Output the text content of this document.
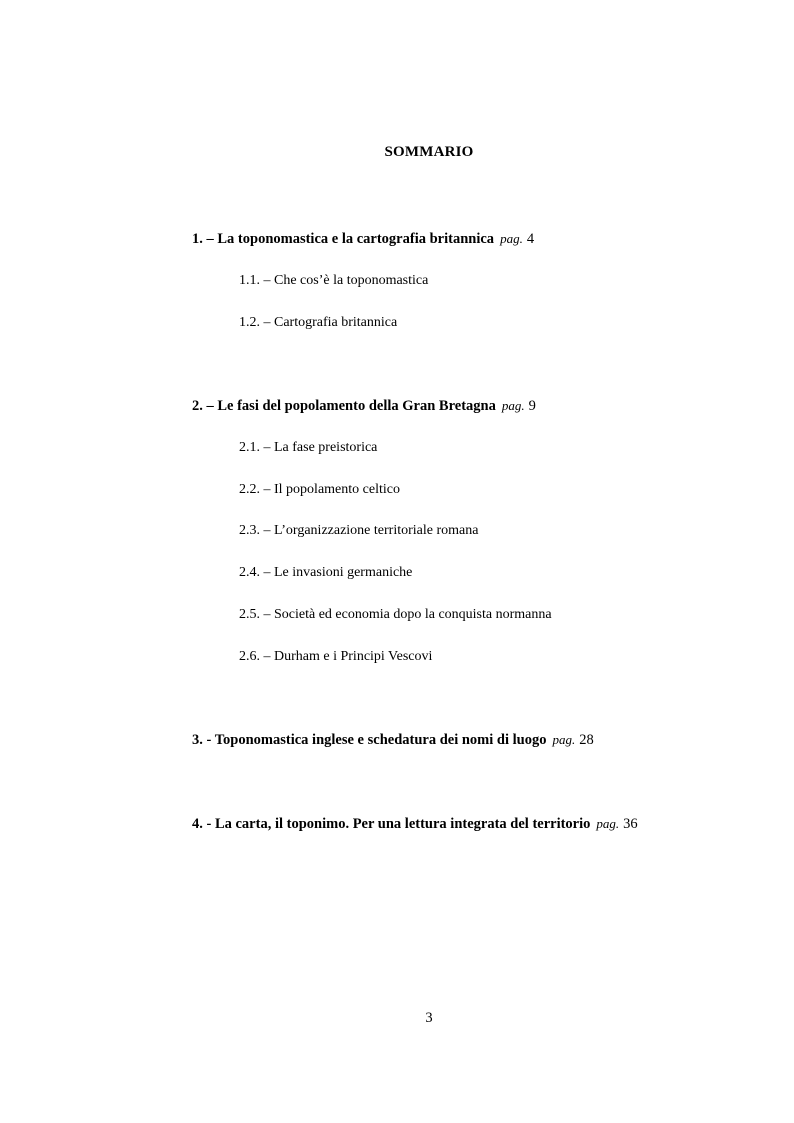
SOMMARIO
1. – La toponomastica e la cartografia britannica pag. 4
1.1. – Che cos’è la toponomastica
1.2. – Cartografia britannica
2. – Le fasi del popolamento della Gran Bretagna pag. 9
2.1. – La fase preistorica
2.2. – Il popolamento celtico
2.3. – L’organizzazione territoriale romana
2.4. – Le invasioni germaniche
2.5. – Società ed economia dopo la conquista normanna
2.6. – Durham e i Principi Vescovi
3. - Toponomastica inglese e schedatura dei nomi di luogo pag. 28
4. - La carta, il toponimo. Per una lettura integrata del territorio pag. 36
3
